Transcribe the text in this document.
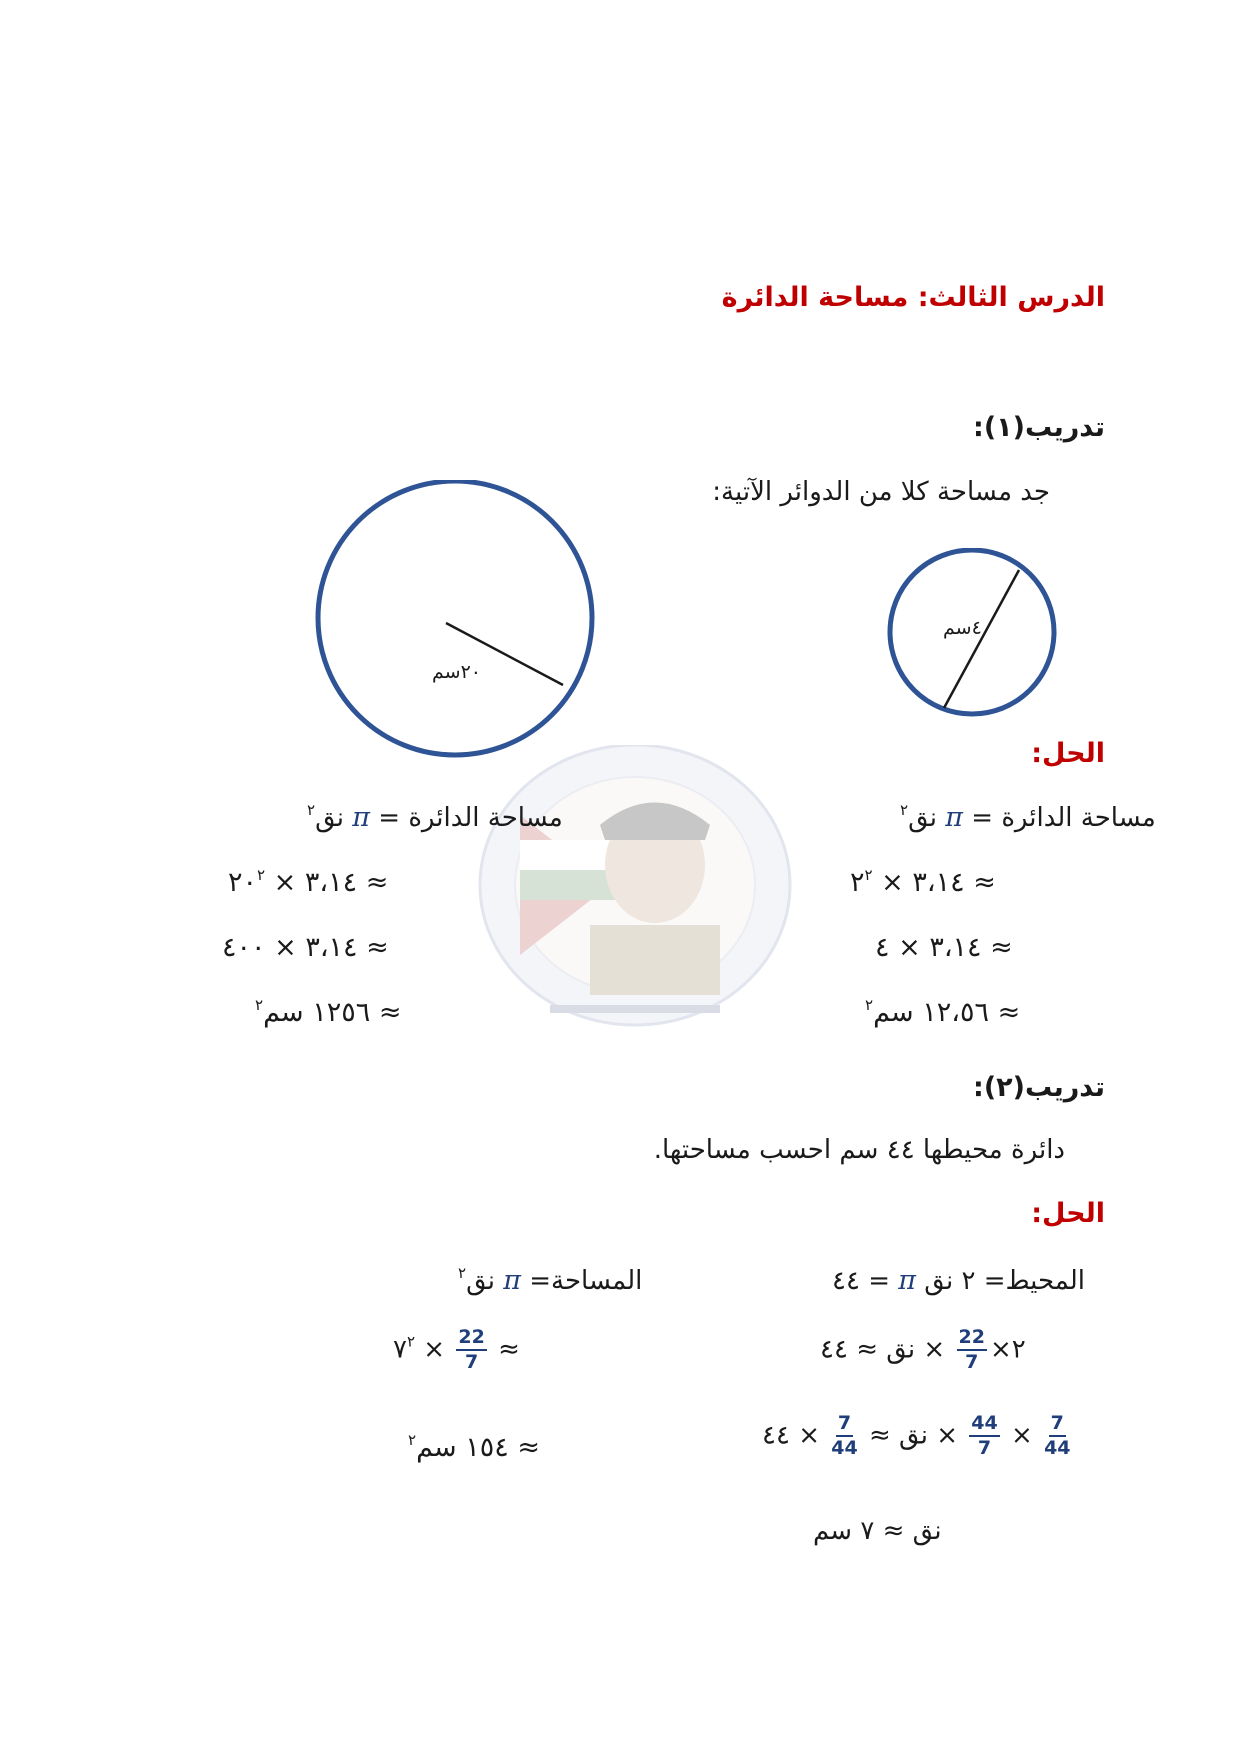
الدرس الثالث: مساحة الدائرة
تدريب(١):
جد مساحة كلا من الدوائر الآتية:
٢٠سم
٤سم
الحل:
مساحة الدائرة = π نق$^٢$
≈ ٣،١٤ × $٢^٢$
≈ ٣،١٤ × ٤
≈ ١٢،٥٦ سم$^٢$
مساحة الدائرة = π نق$^٢$
≈ ٣،١٤ × $٢٠^٢$
≈ ٣،١٤ × ٤٠٠
≈ ١٢٥٦ سم$^٢$
تدريب(٢):
دائرة محيطها ٤٤ سم احسب مساحتها.
الحل:
المحيط= ٢ نق π = ٤٤
٢×
$\frac{22}{7}$
× نق ≈ ٤٤
$\frac{7}{44}$
×
$\frac{44}{7}$
× نق ≈
$\frac{7}{44}$
× ٤٤
نق ≈ ٧ سم
المساحة= π نق$^٢$
≈
$\frac{22}{7}$
× $٧^٢$
≈ ١٥٤ سم$^٢$
